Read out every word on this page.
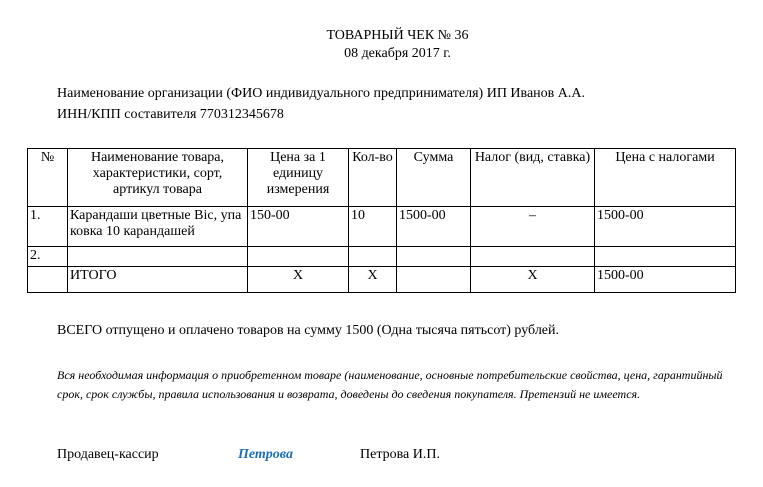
ТОВАРНЫЙ ЧЕК № 36
08 декабря 2017 г.
Наименование организации (ФИО индивидуального предпринимателя) ИП Иванов А.А.
ИНН/КПП составителя 770312345678
№	Наименование товара, характеристики, сорт, артикул товара	Цена за 1 единицу измерения	Кол-во	Сумма	Налог (вид, ставка)	Цена с налогами
1.	Карандаши цветные Bic, упаковка 10 карандашей	150-00	10	1500-00	–	1500-00
2.						
	ИТОГО	X	X		X	1500-00
ВСЕГО отпущено и оплачено товаров на сумму 1500 (Одна тысяча пятьсот) рублей.
Вся необходимая информация о приобретенном товаре (наименование, основные потребительские свойства, цена, гарантийный срок, срок службы, правила использования и возврата, доведены до сведения покупателя. Претензий не имеется.
Продавец-кассир	Петрова	Петрова И.П.
